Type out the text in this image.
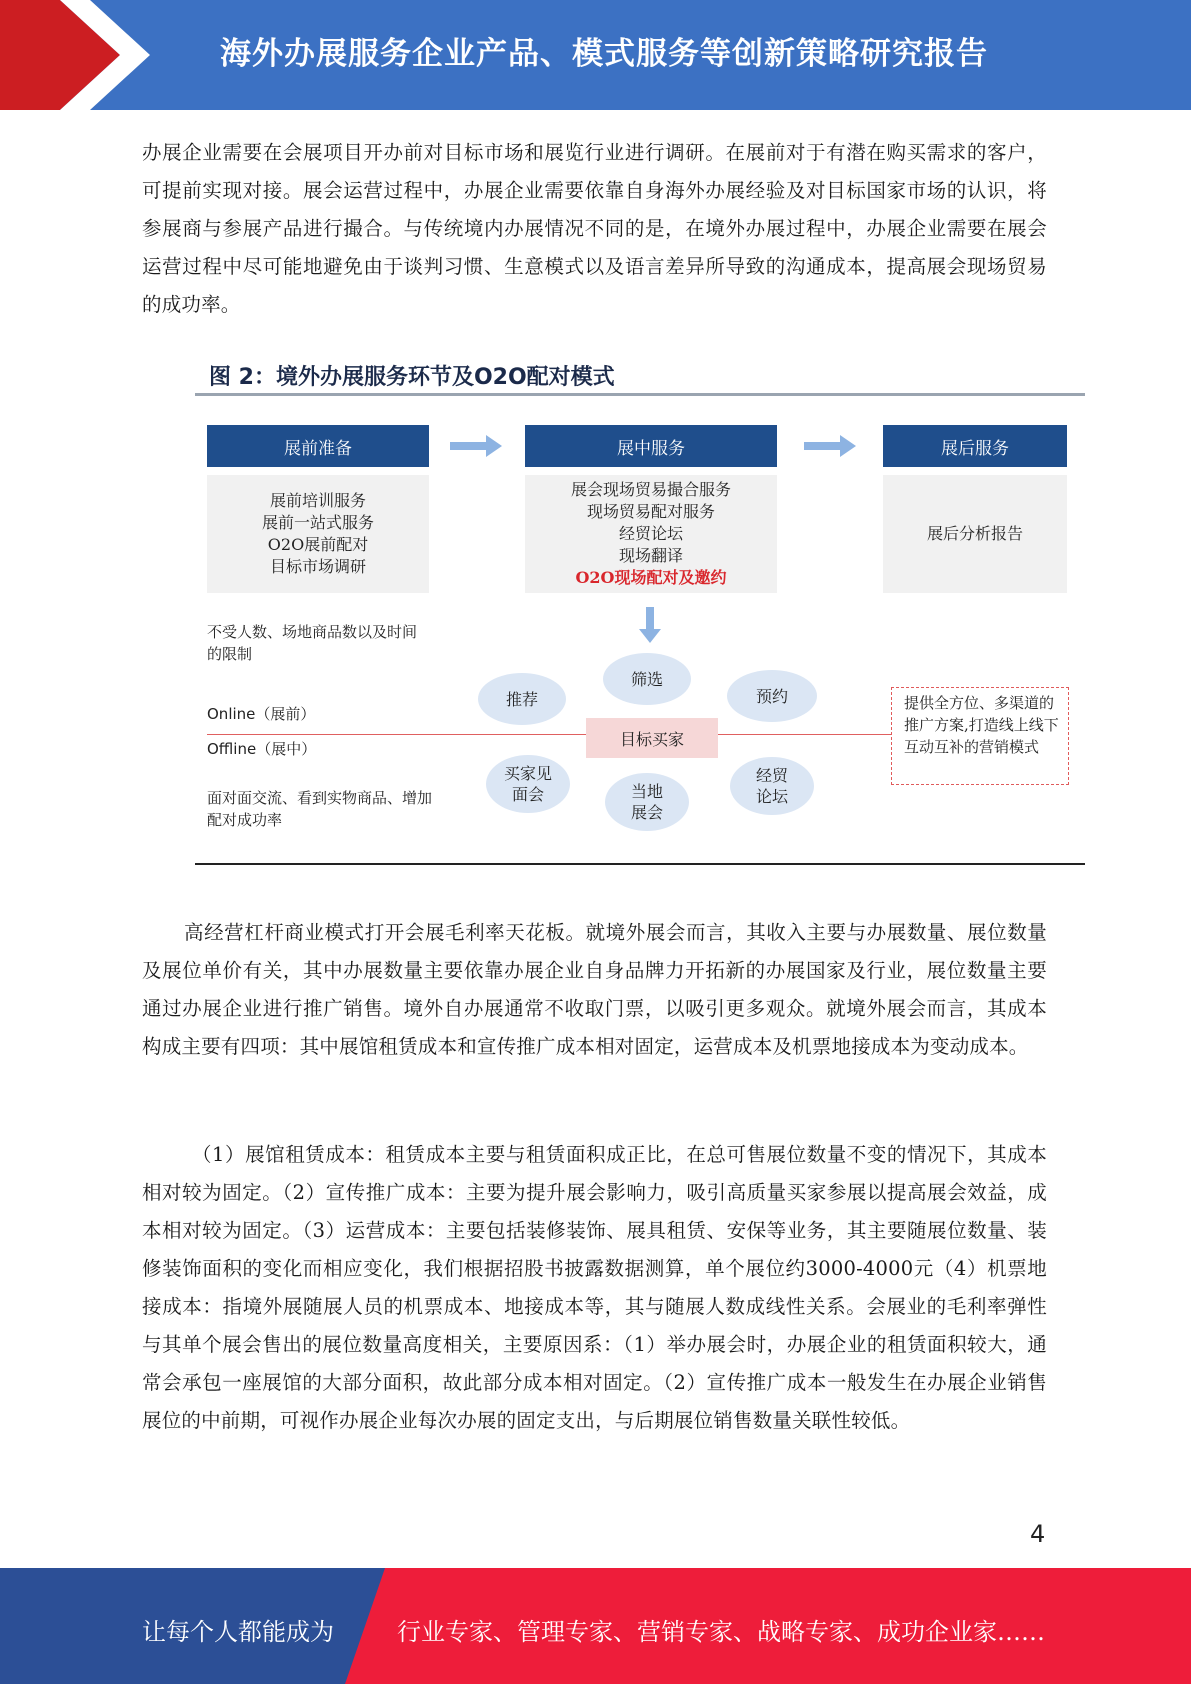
海外办展服务企业产品、模式服务等创新策略研究报告
办展企业需要在会展项目开办前对目标市场和展览行业进行调研。在展前对于有潜在购买需求的客户，可提前实现对接。展会运营过程中，办展企业需要依靠自身海外办展经验及对目标国家市场的认识，将参展商与参展产品进行撮合。与传统境内办展情况不同的是，在境外办展过程中，办展企业需要在展会运营过程中尽可能地避免由于谈判习惯、生意模式以及语言差异所导致的沟通成本，提高展会现场贸易的成功率。
图 2：境外办展服务环节及O2O配对模式
展前准备
展前培训服务
展前一站式服务
O2O展前配对
目标市场调研
展中服务
展会现场贸易撮合服务
现场贸易配对服务
经贸论坛
现场翻译
O2O现场配对及邀约
展后服务
展后分析报告
不受人数、场地商品数以及时间的限制
Online（展前）
Offline（展中）
面对面交流、看到实物商品、增加配对成功率
推荐
筛选
预约
目标买家
买家见面会	当地展会
经贸论坛
提供全方位、多渠道的推广方案,打造线上线下互动互补的营销模式
高经营杠杆商业模式打开会展毛利率天花板。就境外展会而言，其收入主要与办展数量、展位数量及展位单价有关，其中办展数量主要依靠办展企业自身品牌力开拓新的办展国家及行业，展位数量主要通过办展企业进行推广销售。境外自办展通常不收取门票，以吸引更多观众。就境外展会而言，其成本构成主要有四项：其中展馆租赁成本和宣传推广成本相对固定，运营成本及机票地接成本为变动成本。
（1）展馆租赁成本：租赁成本主要与租赁面积成正比，在总可售展位数量不变的情况下，其成本相对较为固定。（2）宣传推广成本：主要为提升展会影响力，吸引高质量买家参展以提高展会效益，成本相对较为固定。（3）运营成本：主要包括装修装饰、展具租赁、安保等业务，其主要随展位数量、装修装饰面积的变化而相应变化，我们根据招股书披露数据测算，单个展位约3000-4000元（4）机票地接成本：指境外展随展人员的机票成本、地接成本等，其与随展人数成线性关系。会展业的毛利率弹性与其单个展会售出的展位数量高度相关，主要原因系：（1）举办展会时，办展企业的租赁面积较大，通常会承包一座展馆的大部分面积，故此部分成本相对固定。（2）宣传推广成本一般发生在办展企业销售展位的中前期，可视作办展企业每次办展的固定支出，与后期展位销售数量关联性较低。
4
让每个人都能成为	行业专家、管理专家、营销专家、战略专家、成功企业家……
